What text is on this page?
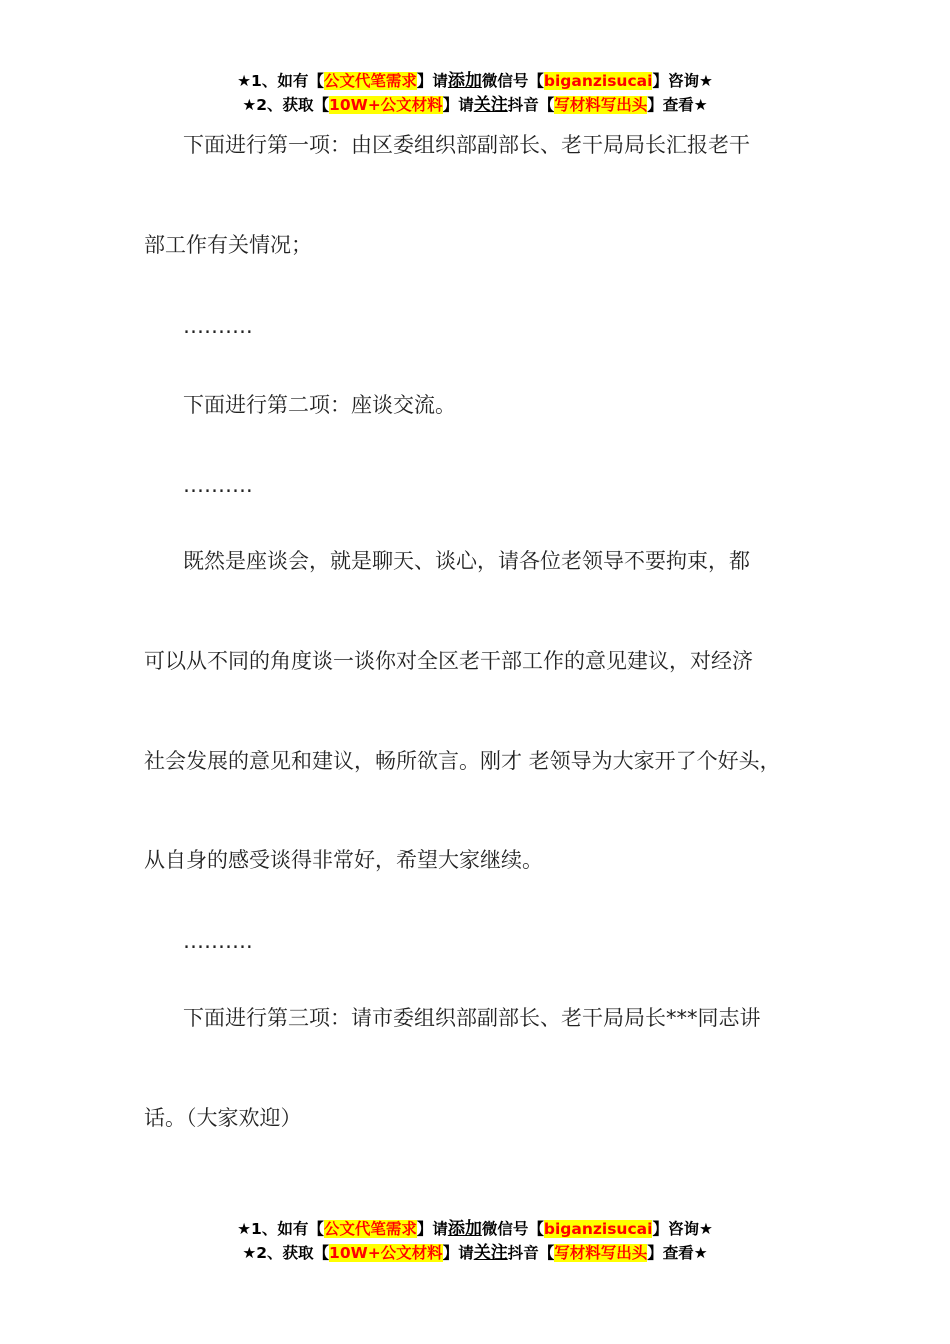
★1、如有【公文代笔需求】请添加微信号【biganzisucai】咨询★
★2、获取【10W+公文材料】请关注抖音【写材料写出头】查看★
下面进行第一项：由区委组织部副部长、老干局局长汇报老干
部工作有关情况；
……….
下面进行第二项：座谈交流。
……….
既然是座谈会，就是聊天、谈心，请各位老领导不要拘束，都
可以从不同的角度谈一谈你对全区老干部工作的意见建议，对经济
社会发展的意见和建议，畅所欲言。刚才 老领导为大家开了个好头，
从自身的感受谈得非常好，希望大家继续。
……….
下面进行第三项：请市委组织部副部长、老干局局长***同志讲
话。（大家欢迎）
★1、如有【公文代笔需求】请添加微信号【biganzisucai】咨询★
★2、获取【10W+公文材料】请关注抖音【写材料写出头】查看★
